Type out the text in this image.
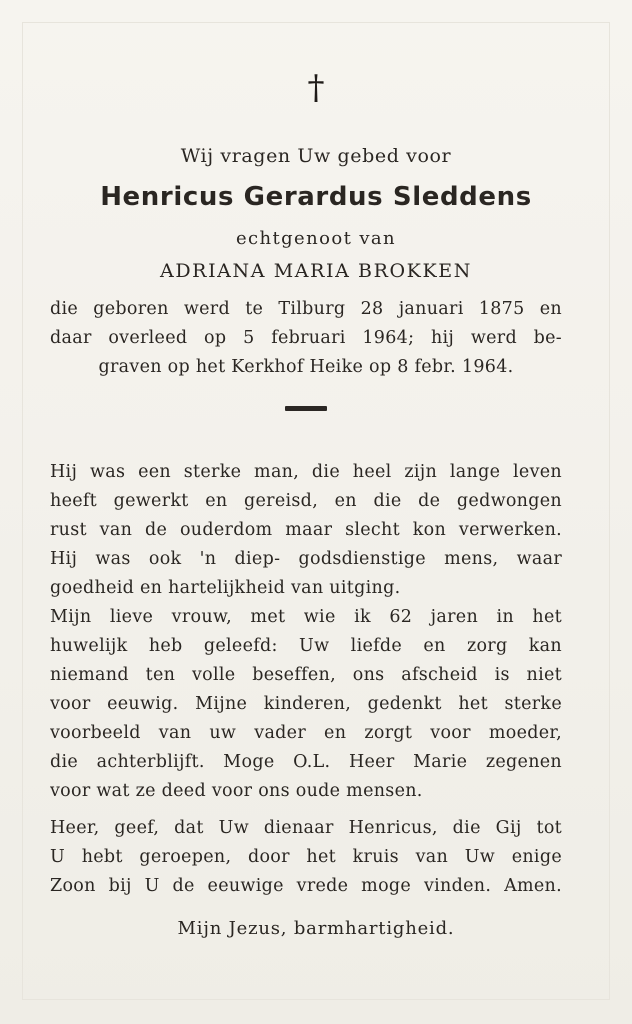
†
Wij vragen Uw gebed voor
Henricus Gerardus Sleddens
echtgenoot van
ADRIANA MARIA BROKKEN
die geboren werd te Tilburg 28 januari 1875 en
daar overleed op 5 februari 1964; hij werd be-
graven op het Kerkhof Heike op 8 febr. 1964.
Hij was een sterke man, die heel zijn lange leven
heeft gewerkt en gereisd, en die de gedwongen
rust van de ouderdom maar slecht kon verwerken.
Hij was ook 'n diep- godsdienstige mens, waar
goedheid en hartelijkheid van uitging.
Mijn lieve vrouw, met wie ik 62 jaren in het
huwelijk heb geleefd: Uw liefde en zorg kan
niemand ten volle beseffen, ons afscheid is niet
voor eeuwig. Mijne kinderen, gedenkt het sterke
voorbeeld van uw vader en zorgt voor moeder,
die achterblijft. Moge O.L. Heer Marie zegenen
voor wat ze deed voor ons oude mensen.
Heer, geef, dat Uw dienaar Henricus, die Gij tot
U hebt geroepen, door het kruis van Uw enige
Zoon bij U de eeuwige vrede moge vinden. Amen.
Mijn Jezus, barmhartigheid.
